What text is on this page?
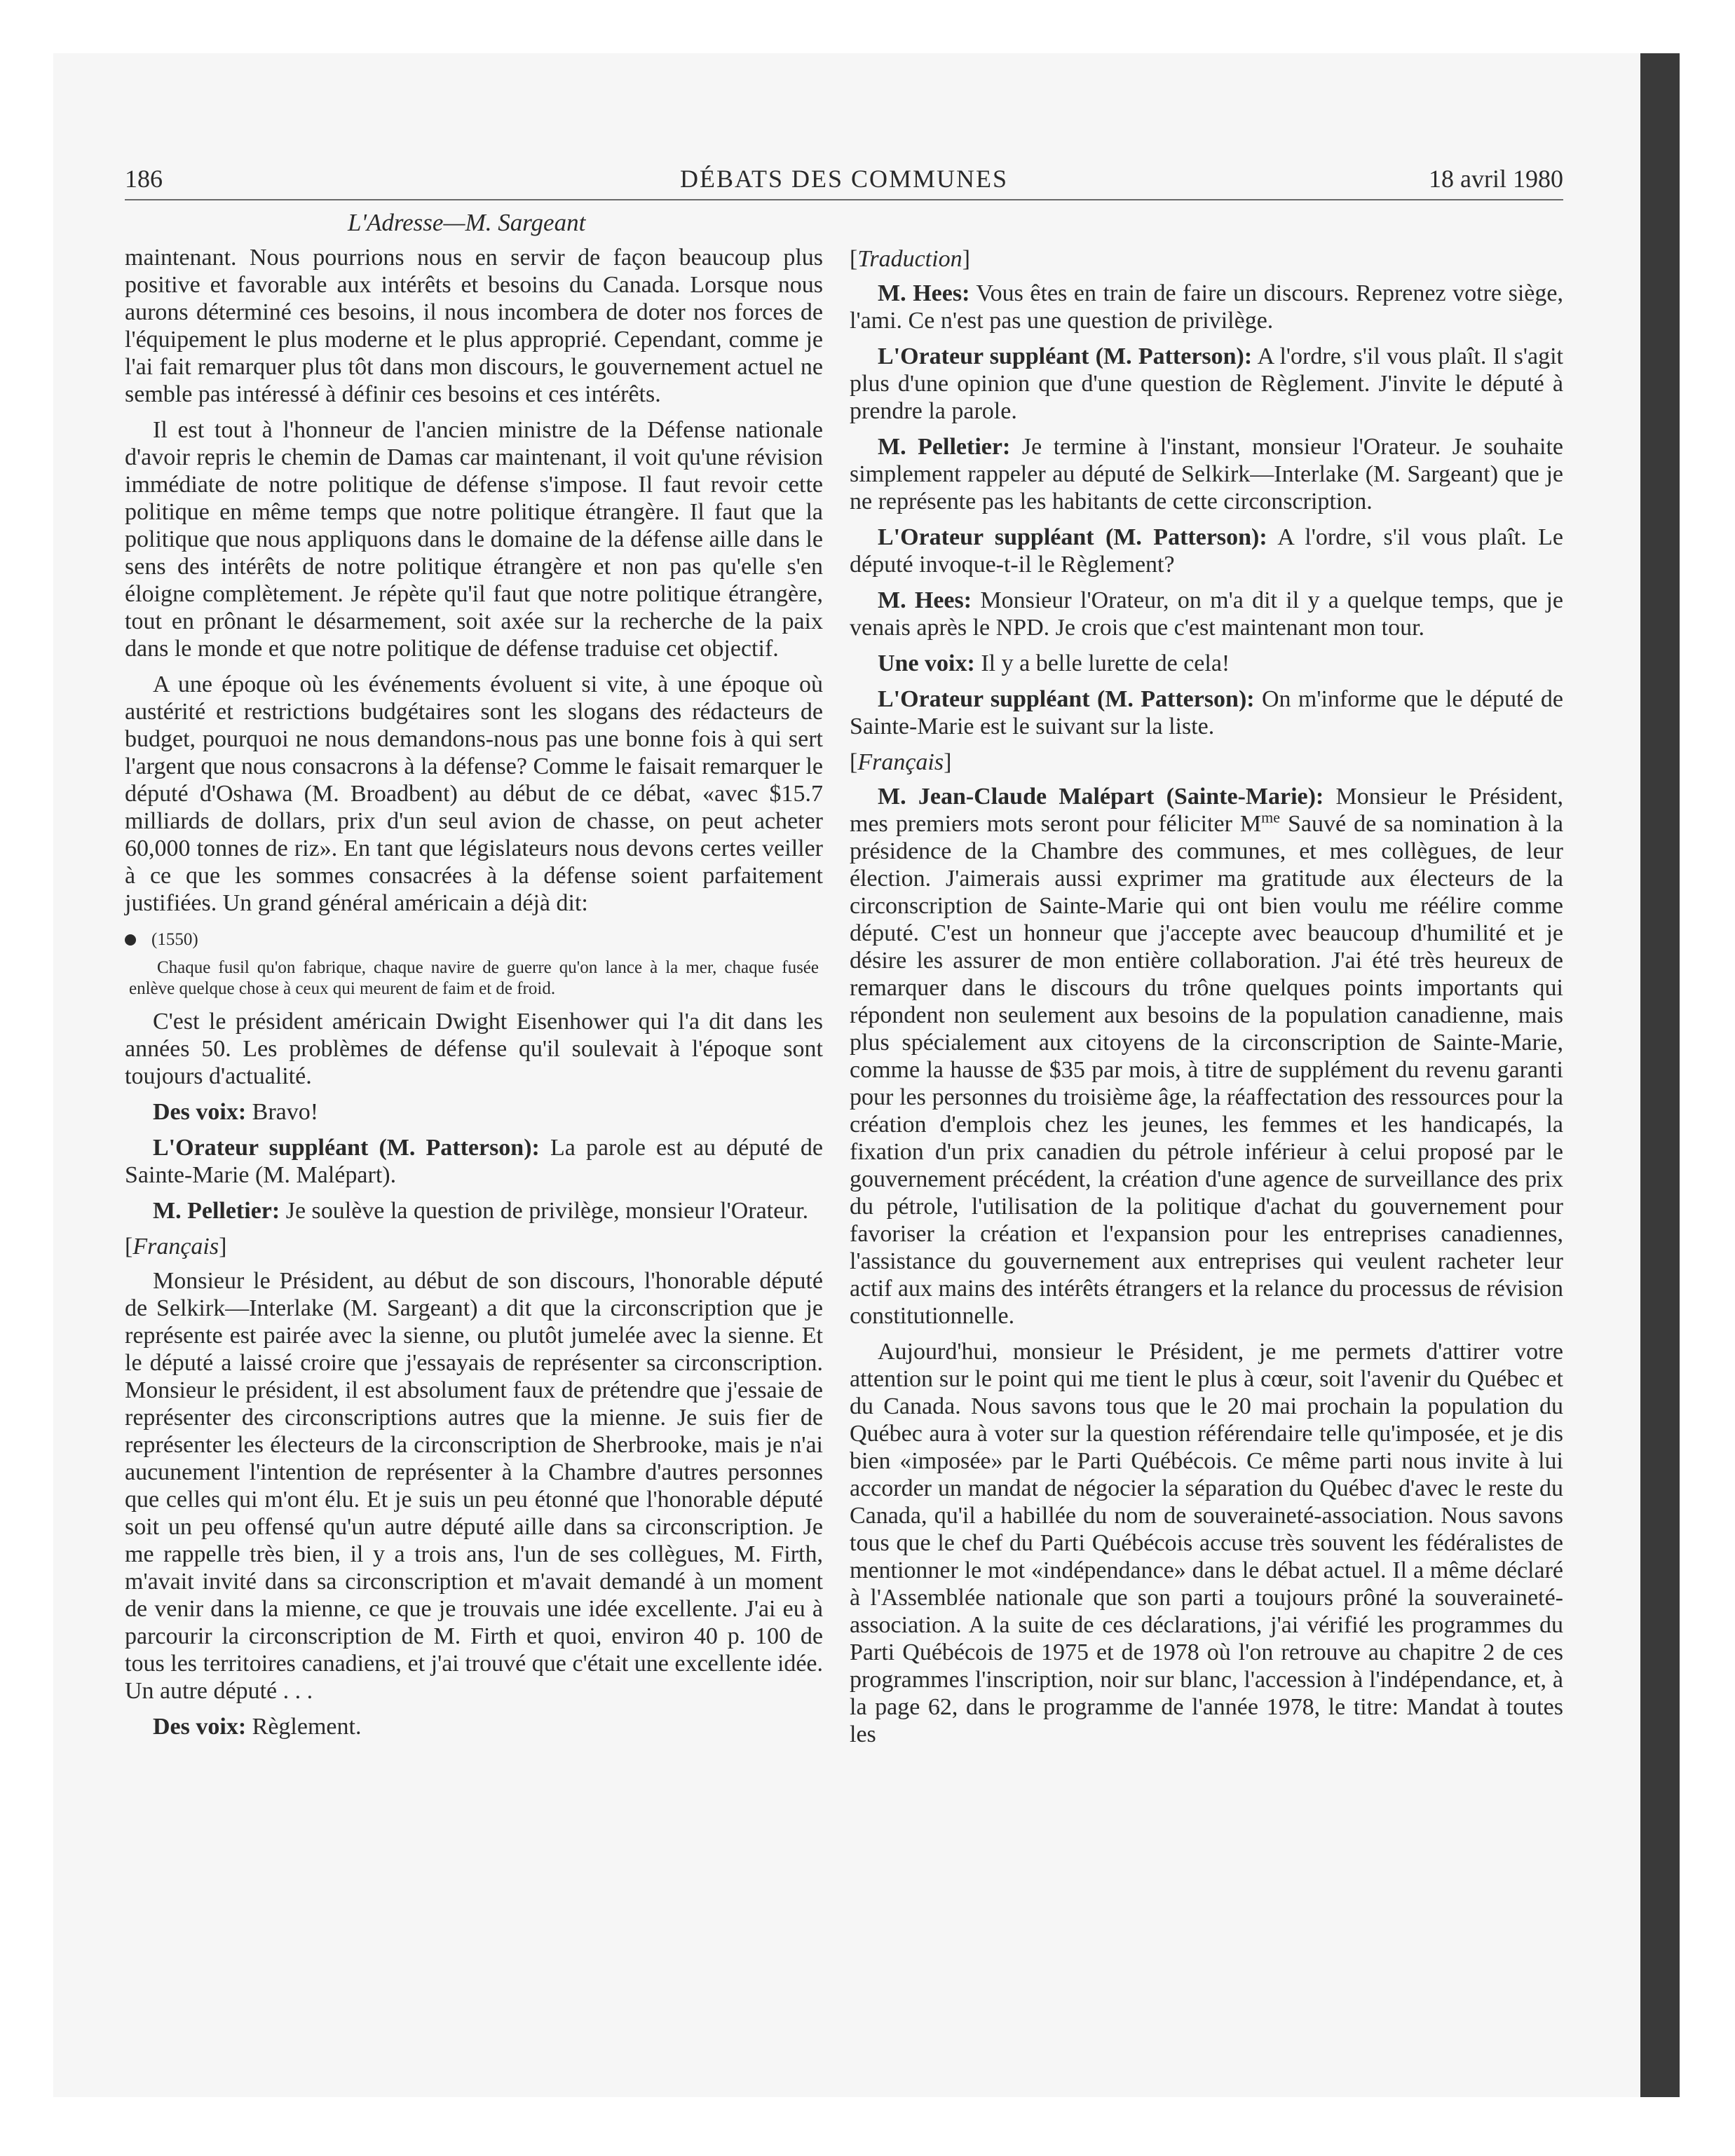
186	DÉBATS DES COMMUNES	18 avril 1980
L'Adresse—M. Sargeant

maintenant. Nous pourrions nous en servir de façon beaucoup plus positive et favorable aux intérêts et besoins du Canada. Lorsque nous aurons déterminé ces besoins, il nous incombera de doter nos forces de l'équipement le plus moderne et le plus approprié. Cependant, comme je l'ai fait remarquer plus tôt dans mon discours, le gouvernement actuel ne semble pas intéressé à définir ces besoins et ces intérêts.

Il est tout à l'honneur de l'ancien ministre de la Défense nationale d'avoir repris le chemin de Damas car maintenant, il voit qu'une révision immédiate de notre politique de défense s'impose. Il faut revoir cette politique en même temps que notre politique étrangère. Il faut que la politique que nous appliquons dans le domaine de la défense aille dans le sens des intérêts de notre politique étrangère et non pas qu'elle s'en éloigne complètement. Je répète qu'il faut que notre politique étrangère, tout en prônant le désarmement, soit axée sur la recherche de la paix dans le monde et que notre politique de défense traduise cet objectif.

A une époque où les événements évoluent si vite, à une époque où austérité et restrictions budgétaires sont les slogans des rédacteurs de budget, pourquoi ne nous demandons-nous pas une bonne fois à qui sert l'argent que nous consacrons à la défense? Comme le faisait remarquer le député d'Oshawa (M. Broadbent) au début de ce débat, «avec $15.7 milliards de dollars, prix d'un seul avion de chasse, on peut acheter 60,000 tonnes de riz». En tant que législateurs nous devons certes veiller à ce que les sommes consacrées à la défense soient parfaitement justifiées. Un grand général américain a déjà dit:

(1550)

Chaque fusil qu'on fabrique, chaque navire de guerre qu'on lance à la mer, chaque fusée enlève quelque chose à ceux qui meurent de faim et de froid.

C'est le président américain Dwight Eisenhower qui l'a dit dans les années 50. Les problèmes de défense qu'il soulevait à l'époque sont toujours d'actualité.

Des voix: Bravo!

L'Orateur suppléant (M. Patterson): La parole est au député de Sainte-Marie (M. Malépart).

M. Pelletier: Je soulève la question de privilège, monsieur l'Orateur.

[Français]

Monsieur le Président, au début de son discours, l'honorable député de Selkirk—Interlake (M. Sargeant) a dit que la circonscription que je représente est pairée avec la sienne, ou plutôt jumelée avec la sienne. Et le député a laissé croire que j'essayais de représenter sa circonscription. Monsieur le président, il est absolument faux de prétendre que j'essaie de représenter des circonscriptions autres que la mienne. Je suis fier de représenter les électeurs de la circonscription de Sherbrooke, mais je n'ai aucunement l'intention de représenter à la Chambre d'autres personnes que celles qui m'ont élu. Et je suis un peu étonné que l'honorable député soit un peu offensé qu'un autre député aille dans sa circonscription. Je me rappelle très bien, il y a trois ans, l'un de ses collègues, M. Firth, m'avait invité dans sa circonscription et m'avait demandé à un moment de venir dans la mienne, ce que je trouvais une idée excellente. J'ai eu à parcourir la circonscription de M. Firth et quoi, environ 40 p. 100 de tous les territoires canadiens, et j'ai trouvé que c'était une excellente idée. Un autre député . . .

Des voix: Règlement.

[Traduction]

M. Hees: Vous êtes en train de faire un discours. Reprenez votre siège, l'ami. Ce n'est pas une question de privilège.

L'Orateur suppléant (M. Patterson): A l'ordre, s'il vous plaît. Il s'agit plus d'une opinion que d'une question de Règlement. J'invite le député à prendre la parole.

M. Pelletier: Je termine à l'instant, monsieur l'Orateur. Je souhaite simplement rappeler au député de Selkirk—Interlake (M. Sargeant) que je ne représente pas les habitants de cette circonscription.

L'Orateur suppléant (M. Patterson): A l'ordre, s'il vous plaît. Le député invoque-t-il le Règlement?

M. Hees: Monsieur l'Orateur, on m'a dit il y a quelque temps, que je venais après le NPD. Je crois que c'est maintenant mon tour.

Une voix: Il y a belle lurette de cela!

L'Orateur suppléant (M. Patterson): On m'informe que le député de Sainte-Marie est le suivant sur la liste.

[Français]

M. Jean-Claude Malépart (Sainte-Marie): Monsieur le Président, mes premiers mots seront pour féliciter $M^{me}$ Sauvé de sa nomination à la présidence de la Chambre des communes, et mes collègues, de leur élection. J'aimerais aussi exprimer ma gratitude aux électeurs de la circonscription de Sainte-Marie qui ont bien voulu me réélire comme député. C'est un honneur que j'accepte avec beaucoup d'humilité et je désire les assurer de mon entière collaboration. J'ai été très heureux de remarquer dans le discours du trône quelques points importants qui répondent non seulement aux besoins de la population canadienne, mais plus spécialement aux citoyens de la circonscription de Sainte-Marie, comme la hausse de $35 par mois, à titre de supplément du revenu garanti pour les personnes du troisième âge, la réaffectation des ressources pour la création d'emplois chez les jeunes, les femmes et les handicapés, la fixation d'un prix canadien du pétrole inférieur à celui proposé par le gouvernement précédent, la création d'une agence de surveillance des prix du pétrole, l'utilisation de la politique d'achat du gouvernement pour favoriser la création et l'expansion pour les entreprises canadiennes, l'assistance du gouvernement aux entreprises qui veulent racheter leur actif aux mains des intérêts étrangers et la relance du processus de révision constitutionnelle.

Aujourd'hui, monsieur le Président, je me permets d'attirer votre attention sur le point qui me tient le plus à cœur, soit l'avenir du Québec et du Canada. Nous savons tous que le 20 mai prochain la population du Québec aura à voter sur la question référendaire telle qu'imposée, et je dis bien «imposée» par le Parti Québécois. Ce même parti nous invite à lui accorder un mandat de négocier la séparation du Québec d'avec le reste du Canada, qu'il a habillée du nom de souveraineté-association. Nous savons tous que le chef du Parti Québécois accuse très souvent les fédéralistes de mentionner le mot «indépendance» dans le débat actuel. Il a même déclaré à l'Assemblée nationale que son parti a toujours prôné la souveraineté-association. A la suite de ces déclarations, j'ai vérifié les programmes du Parti Québécois de 1975 et de 1978 où l'on retrouve au chapitre 2 de ces programmes l'inscription, noir sur blanc, l'accession à l'indépendance, et, à la page 62, dans le programme de l'année 1978, le titre: Mandat à toutes les
